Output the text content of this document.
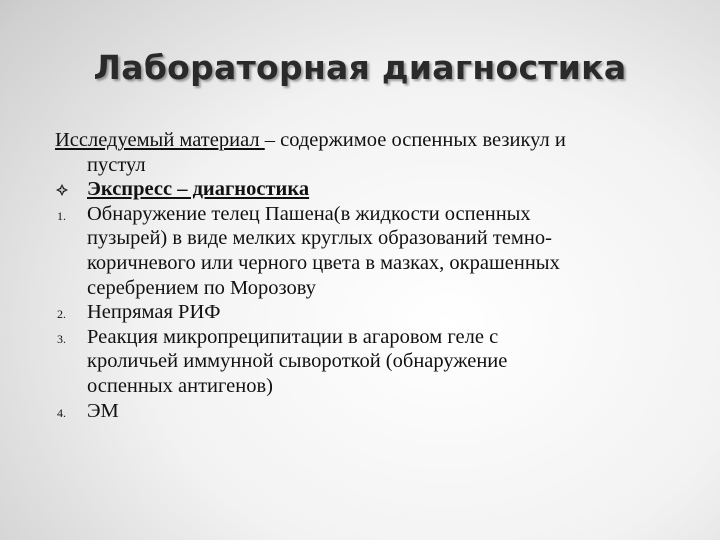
Лабораторная диагностика
Исследуемый материал – содержимое оспенных везикул и
пустул
Экспресс – диагностика
1. Обнаружение телец Пашена(в жидкости оспенных
пузырей) в виде мелких круглых образований темно-
коричневого или черного цвета в мазках, окрашенных
серебрением по Морозову
2. Непрямая РИФ
3. Реакция микропреципитации в агаровом геле с
кроличьей иммунной сывороткой (обнаружение
оспенных антигенов)
4. ЭМ
